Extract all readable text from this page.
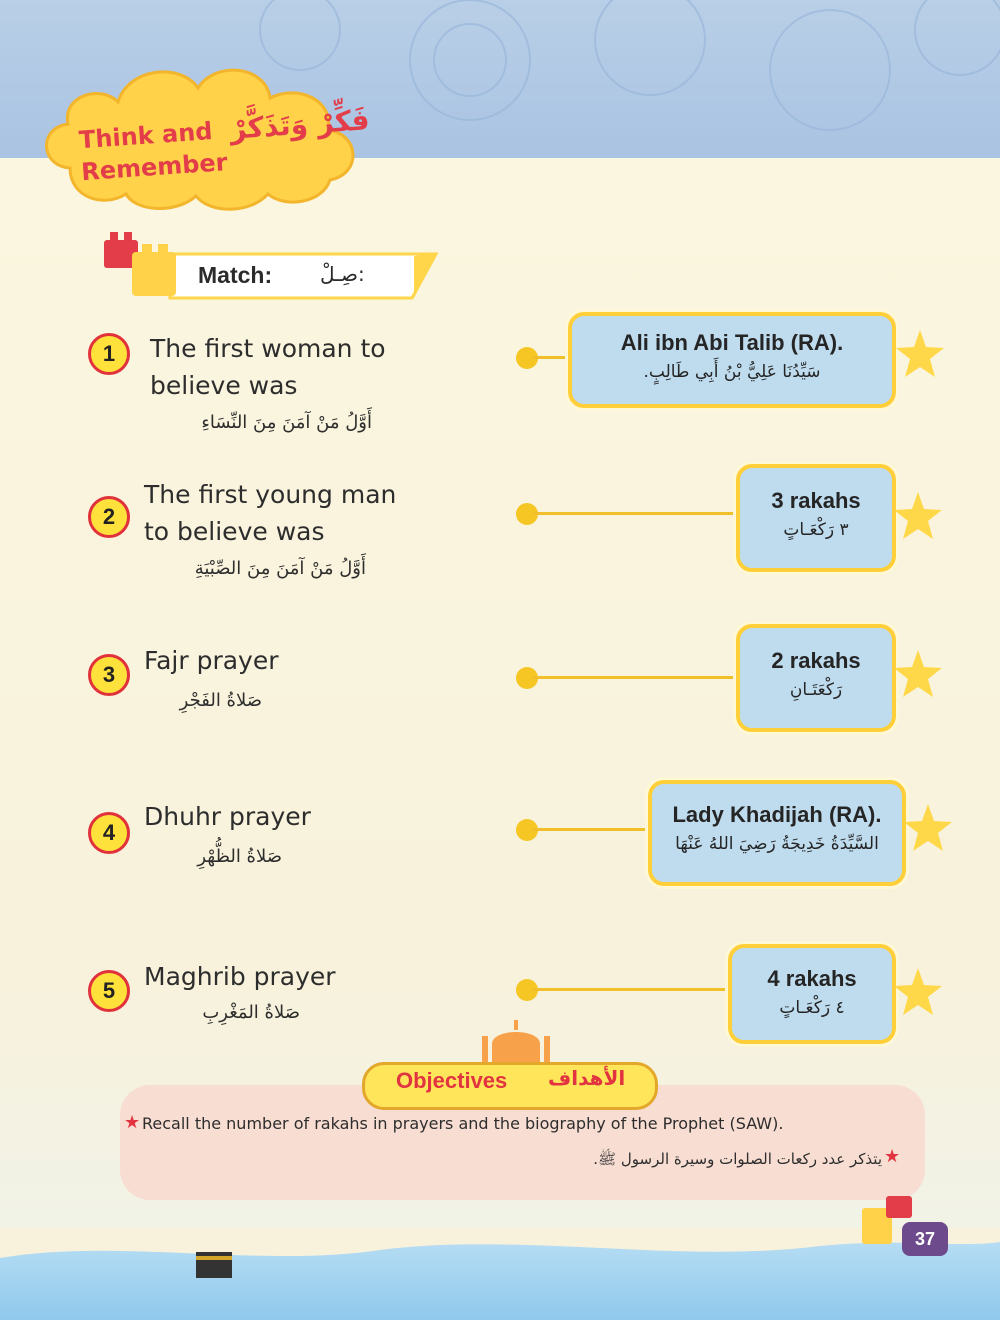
Think and Remember
فَكِّرْ وَتَذَكَّرْ
Match: صِـلْ:
1	The first woman to
believe was
أَوَّلُ مَنْ آمَنَ مِنَ النِّسَاءِ
2
The first young man
to believe was
أَوَّلُ مَنْ آمَنَ مِنَ الصِّبْيَةِ
3	Fajr prayer
صَلاةُ الفَجْرِ
4
Dhuhr prayer
صَلاةُ الظُّهْرِ
5	Maghrib prayer
صَلاةُ المَغْرِبِ
Ali ibn Abi Talib (RA).
سَيِّدُنَا عَلِيُّ بْنُ أَبِي طَالِبٍ.
3 rakahs
٣ رَكْعَـاتٍ
2 rakahs
رَكْعَتَـانِ
Lady Khadijah (RA).
السَّيِّدَةُ خَدِيجَةُ رَضِيَ اللهُ عَنْهَا
4 rakahs
٤ رَكْعَـاتٍ
Objectives الأهداف
★ Recall the number of rakahs in prayers and the biography of the Prophet (SAW).
★
يتذكر عدد ركعات الصلوات وسيرة الرسول ﷺ.
37
